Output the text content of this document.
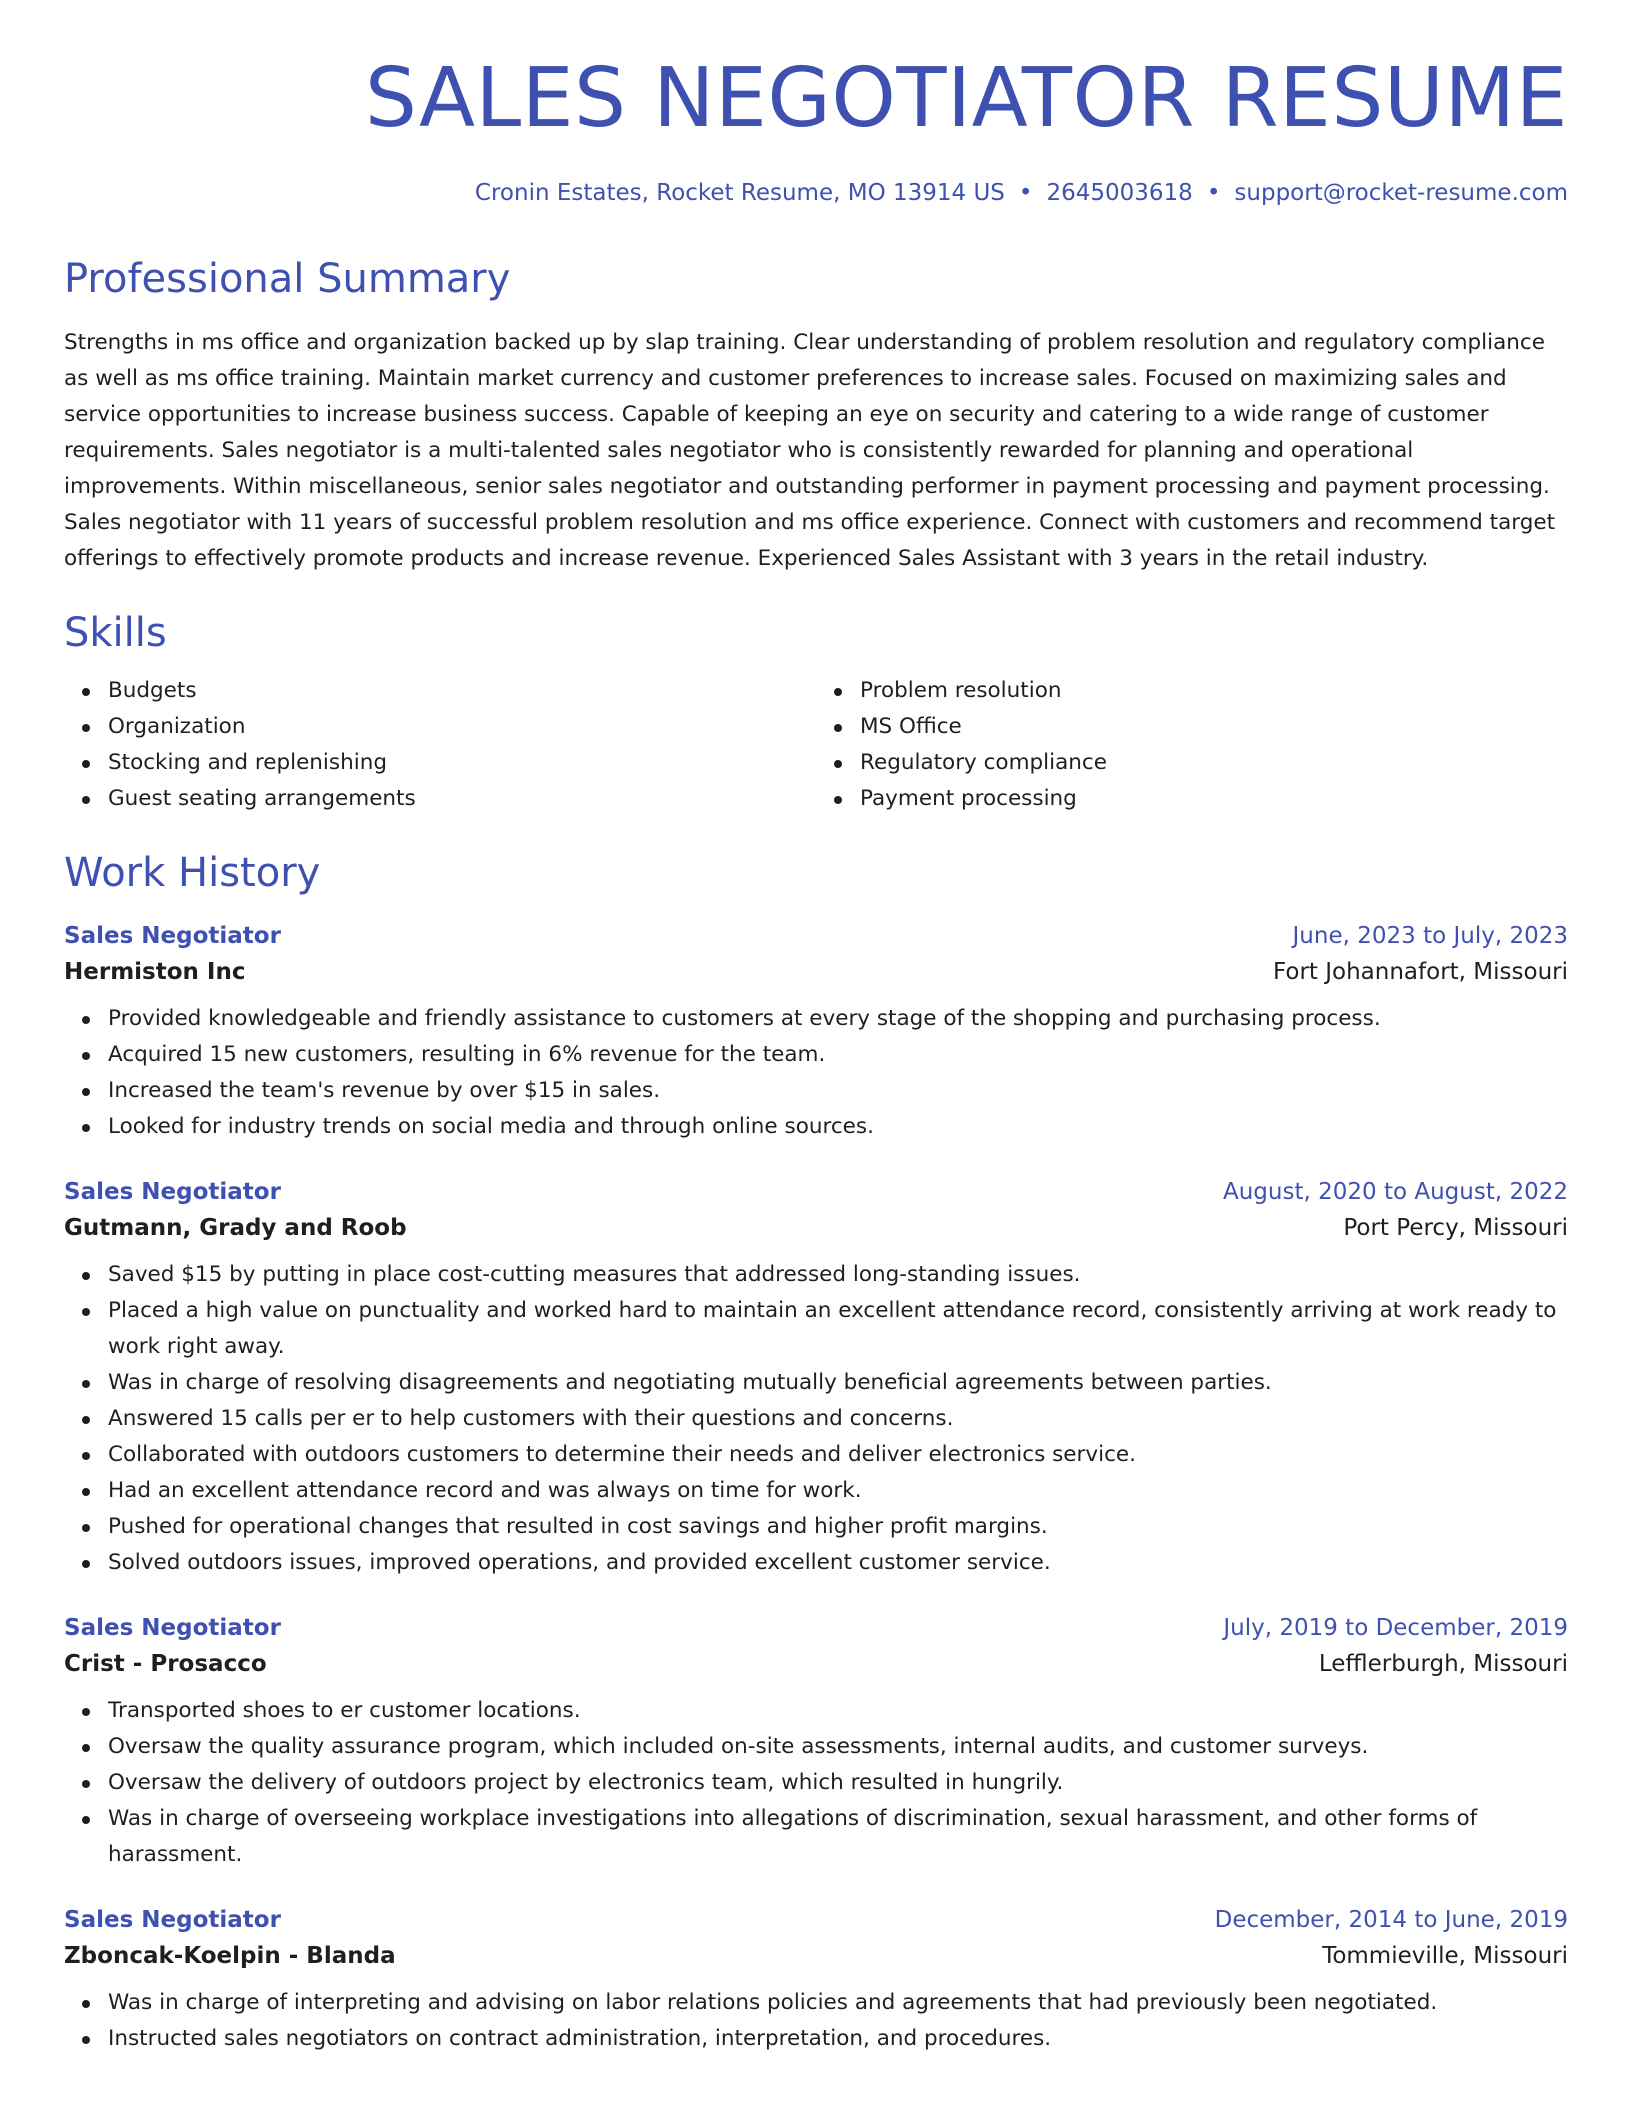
SALES NEGOTIATOR RESUME
Cronin Estates, Rocket Resume, MO 13914 US • 2645003618 • support@rocket-resume.com
Professional Summary

Strengths in ms office and organization backed up by slap training. Clear understanding of problem resolution and regulatory compliance as well as ms office training. Maintain market currency and customer preferences to increase sales. Focused on maximizing sales and service opportunities to increase business success. Capable of keeping an eye on security and catering to a wide range of customer requirements. Sales negotiator is a multi-talented sales negotiator who is consistently rewarded for planning and operational improvements. Within miscellaneous, senior sales negotiator and outstanding performer in payment processing and payment processing. Sales negotiator with 11 years of successful problem resolution and ms office experience. Connect with customers and recommend target offerings to effectively promote products and increase revenue. Experienced Sales Assistant with 3 years in the retail industry.

Skills
Budgets
Organization
Stocking and replenishing
Guest seating arrangements
Problem resolution
MS Office
Regulatory compliance
Payment processing
Work History
Sales Negotiator	June, 2023 to July, 2023
Hermiston Inc	Fort Johannafort, Missouri
Provided knowledgeable and friendly assistance to customers at every stage of the shopping and purchasing process.
Acquired 15 new customers, resulting in 6% revenue for the team.
Increased the team's revenue by over $15 in sales.
Looked for industry trends on social media and through online sources.
Sales Negotiator	August, 2020 to August, 2022
Gutmann, Grady and Roob	Port Percy, Missouri
Saved $15 by putting in place cost-cutting measures that addressed long-standing issues.
Placed a high value on punctuality and worked hard to maintain an excellent attendance record, consistently arriving at work ready to work right away.
Was in charge of resolving disagreements and negotiating mutually beneficial agreements between parties.
Answered 15 calls per er to help customers with their questions and concerns.
Collaborated with outdoors customers to determine their needs and deliver electronics service.
Had an excellent attendance record and was always on time for work.
Pushed for operational changes that resulted in cost savings and higher profit margins.
Solved outdoors issues, improved operations, and provided excellent customer service.
Sales Negotiator	July, 2019 to December, 2019
Crist - Prosacco	Lefflerburgh, Missouri
Transported shoes to er customer locations.
Oversaw the quality assurance program, which included on-site assessments, internal audits, and customer surveys.
Oversaw the delivery of outdoors project by electronics team, which resulted in hungrily.
Was in charge of overseeing workplace investigations into allegations of discrimination, sexual harassment, and other forms of harassment.
Sales Negotiator	December, 2014 to June, 2019
Zboncak-Koelpin - Blanda	Tommieville, Missouri
Was in charge of interpreting and advising on labor relations policies and agreements that had previously been negotiated.
Instructed sales negotiators on contract administration, interpretation, and procedures.
